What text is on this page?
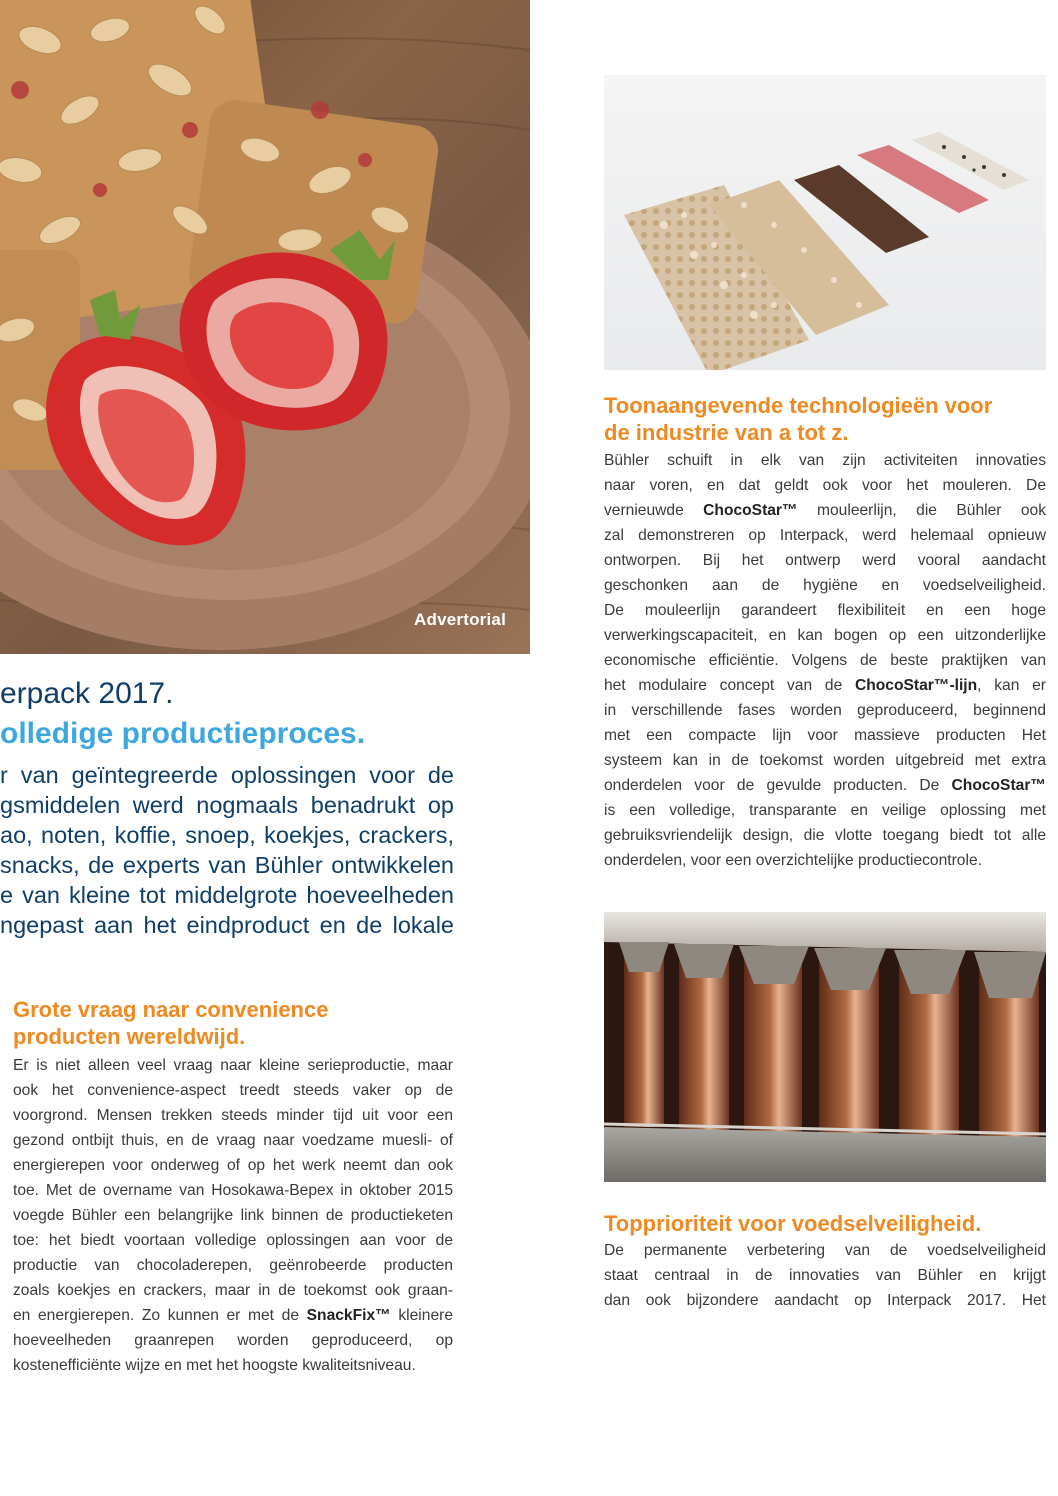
Advertorial
erpack 2017.
olledige productieproces.
r van geïntegreerde oplossingen voor de
gsmiddelen werd nogmaals benadrukt op
ao, noten, koffie, snoep, koekjes, crackers,
snacks, de experts van Bühler ontwikkelen
e van kleine tot middelgrote hoeveelheden
ngepast aan het eindproduct en de lokale
Grote vraag naar convenience
producten wereldwijd.
Er is niet alleen veel vraag naar kleine serieproductie, maar
ook het convenience-aspect treedt steeds vaker op de
voorgrond. Mensen trekken steeds minder tijd uit voor een
gezond ontbijt thuis, en de vraag naar voedzame muesli- of
energierepen voor onderweg of op het werk neemt dan ook
toe. Met de overname van Hosokawa-Bepex in oktober 2015
voegde Bühler een belangrijke link binnen de productieketen
toe: het biedt voortaan volledige oplossingen aan voor de
productie van chocoladerepen, geënrobeerde producten
zoals koekjes en crackers, maar in de toekomst ook graan-
en energierepen. Zo kunnen er met de SnackFix™ kleinere
hoeveelheden graanrepen worden geproduceerd, op
kostenefficiënte wijze en met het hoogste kwaliteitsniveau.
Toonaangevende technologieën voor
de industrie van a tot z.
Bühler schuift in elk van zijn activiteiten innovaties
naar voren, en dat geldt ook voor het mouleren. De
vernieuwde ChocoStar™ mouleerlijn, die Bühler ook
zal demonstreren op Interpack, werd helemaal opnieuw
ontworpen. Bij het ontwerp werd vooral aandacht
geschonken aan de hygiëne en voedselveiligheid.
De mouleerlijn garandeert flexibiliteit en een hoge
verwerkingscapaciteit, en kan bogen op een uitzonderlijke
economische efficiëntie. Volgens de beste praktijken van
het modulaire concept van de ChocoStar™-lijn, kan er
in verschillende fases worden geproduceerd, beginnend
met een compacte lijn voor massieve producten Het
systeem kan in de toekomst worden uitgebreid met extra
onderdelen voor de gevulde producten. De ChocoStar™
is een volledige, transparante en veilige oplossing met
gebruiksvriendelijk design, die vlotte toegang biedt tot alle
onderdelen, voor een overzichtelijke productiecontrole.
Topprioriteit voor voedselveiligheid.
De permanente verbetering van de voedselveiligheid
staat centraal in de innovaties van Bühler en krijgt
dan ook bijzondere aandacht op Interpack 2017. Het
